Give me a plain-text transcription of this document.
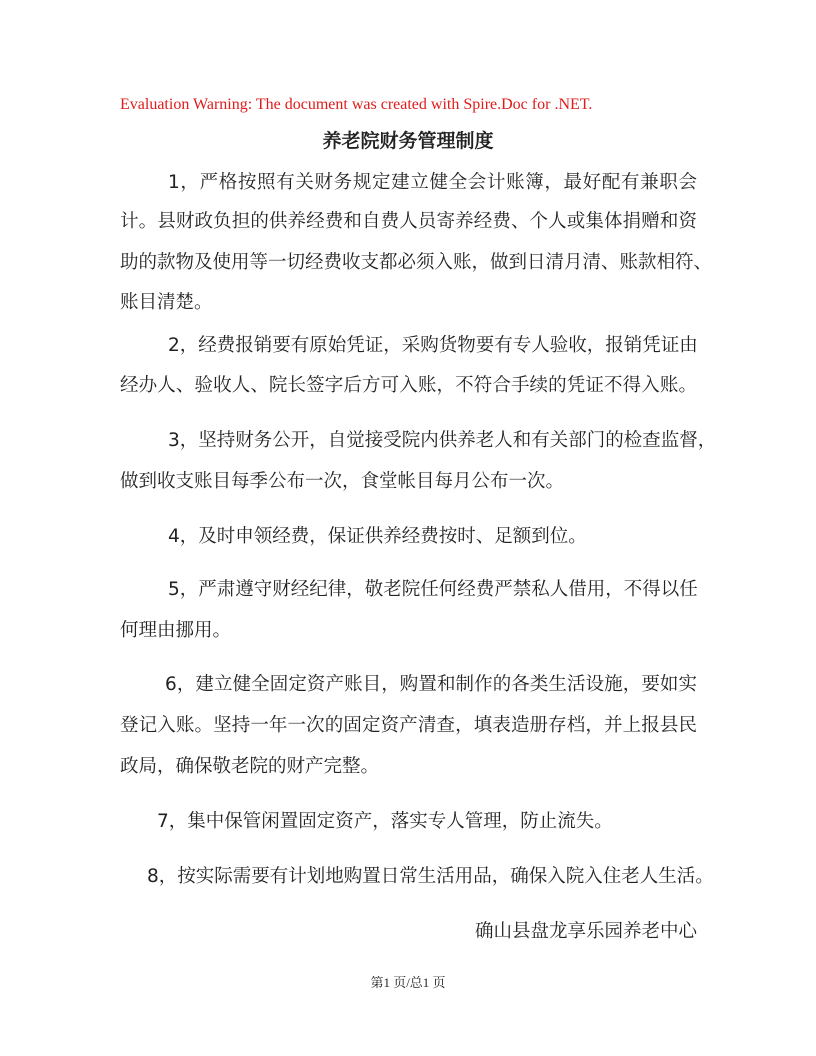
Evaluation Warning: The document was created with Spire.Doc for .NET.
养老院财务管理制度
1，严格按照有关财务规定建立健全会计账簿，最好配有兼职会
计。县财政负担的供养经费和自费人员寄养经费、个人或集体捐赠和资
助的款物及使用等一切经费收支都必须入账，做到日清月清、账款相符、
账目清楚。
2，经费报销要有原始凭证，采购货物要有专人验收，报销凭证由
经办人、验收人、院长签字后方可入账，不符合手续的凭证不得入账。
3，坚持财务公开，自觉接受院内供养老人和有关部门的检查监督，
做到收支账目每季公布一次，食堂帐目每月公布一次。
4，及时申领经费，保证供养经费按时、足额到位。
5，严肃遵守财经纪律，敬老院任何经费严禁私人借用，不得以任
何理由挪用。
6，建立健全固定资产账目，购置和制作的各类生活设施，要如实
登记入账。坚持一年一次的固定资产清查，填表造册存档，并上报县民
政局，确保敬老院的财产完整。
7，集中保管闲置固定资产，落实专人管理，防止流失。
8，按实际需要有计划地购置日常生活用品，确保入院入住老人生活。
确山县盘龙享乐园养老中心
第1 页/总1 页
